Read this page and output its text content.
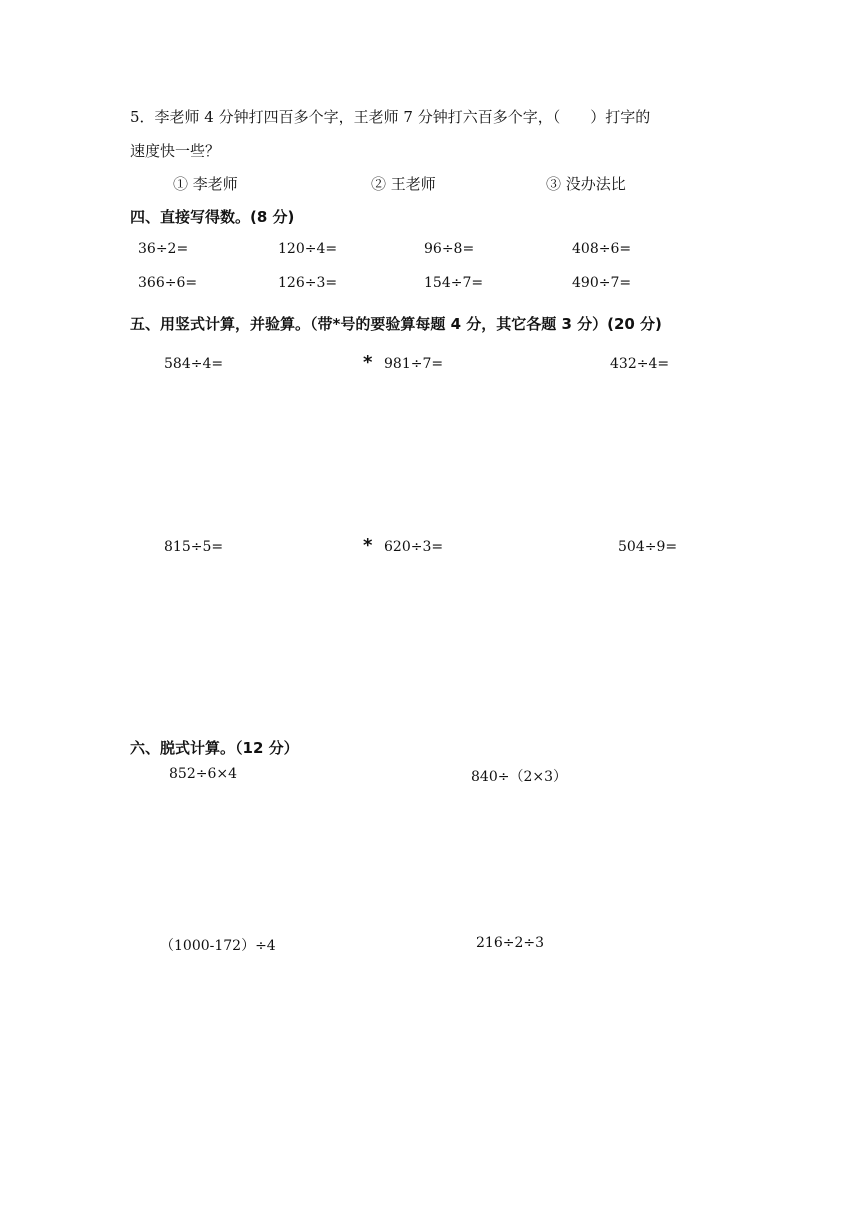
5．李老师 4 分钟打四百多个字，王老师 7 分钟打六百多个字，（　　）打字的
速度快一些？
① 李老师	② 王老师	③ 没办法比
四、直接写得数。(8 分)
36÷2=	120÷4=	96÷8=	408÷6=
366÷6=	126÷3=	154÷7=	490÷7=
五、用竖式计算，并验算。（带*号的要验算每题 4 分，其它各题 3 分）(20 分)
584÷4=	* 981÷7=	432÷4=
815÷5=	* 620÷3=	504÷9=
六、脱式计算。（12 分）
852÷6×4	840÷（2×3）
（1000-172）÷4	216÷2÷3
